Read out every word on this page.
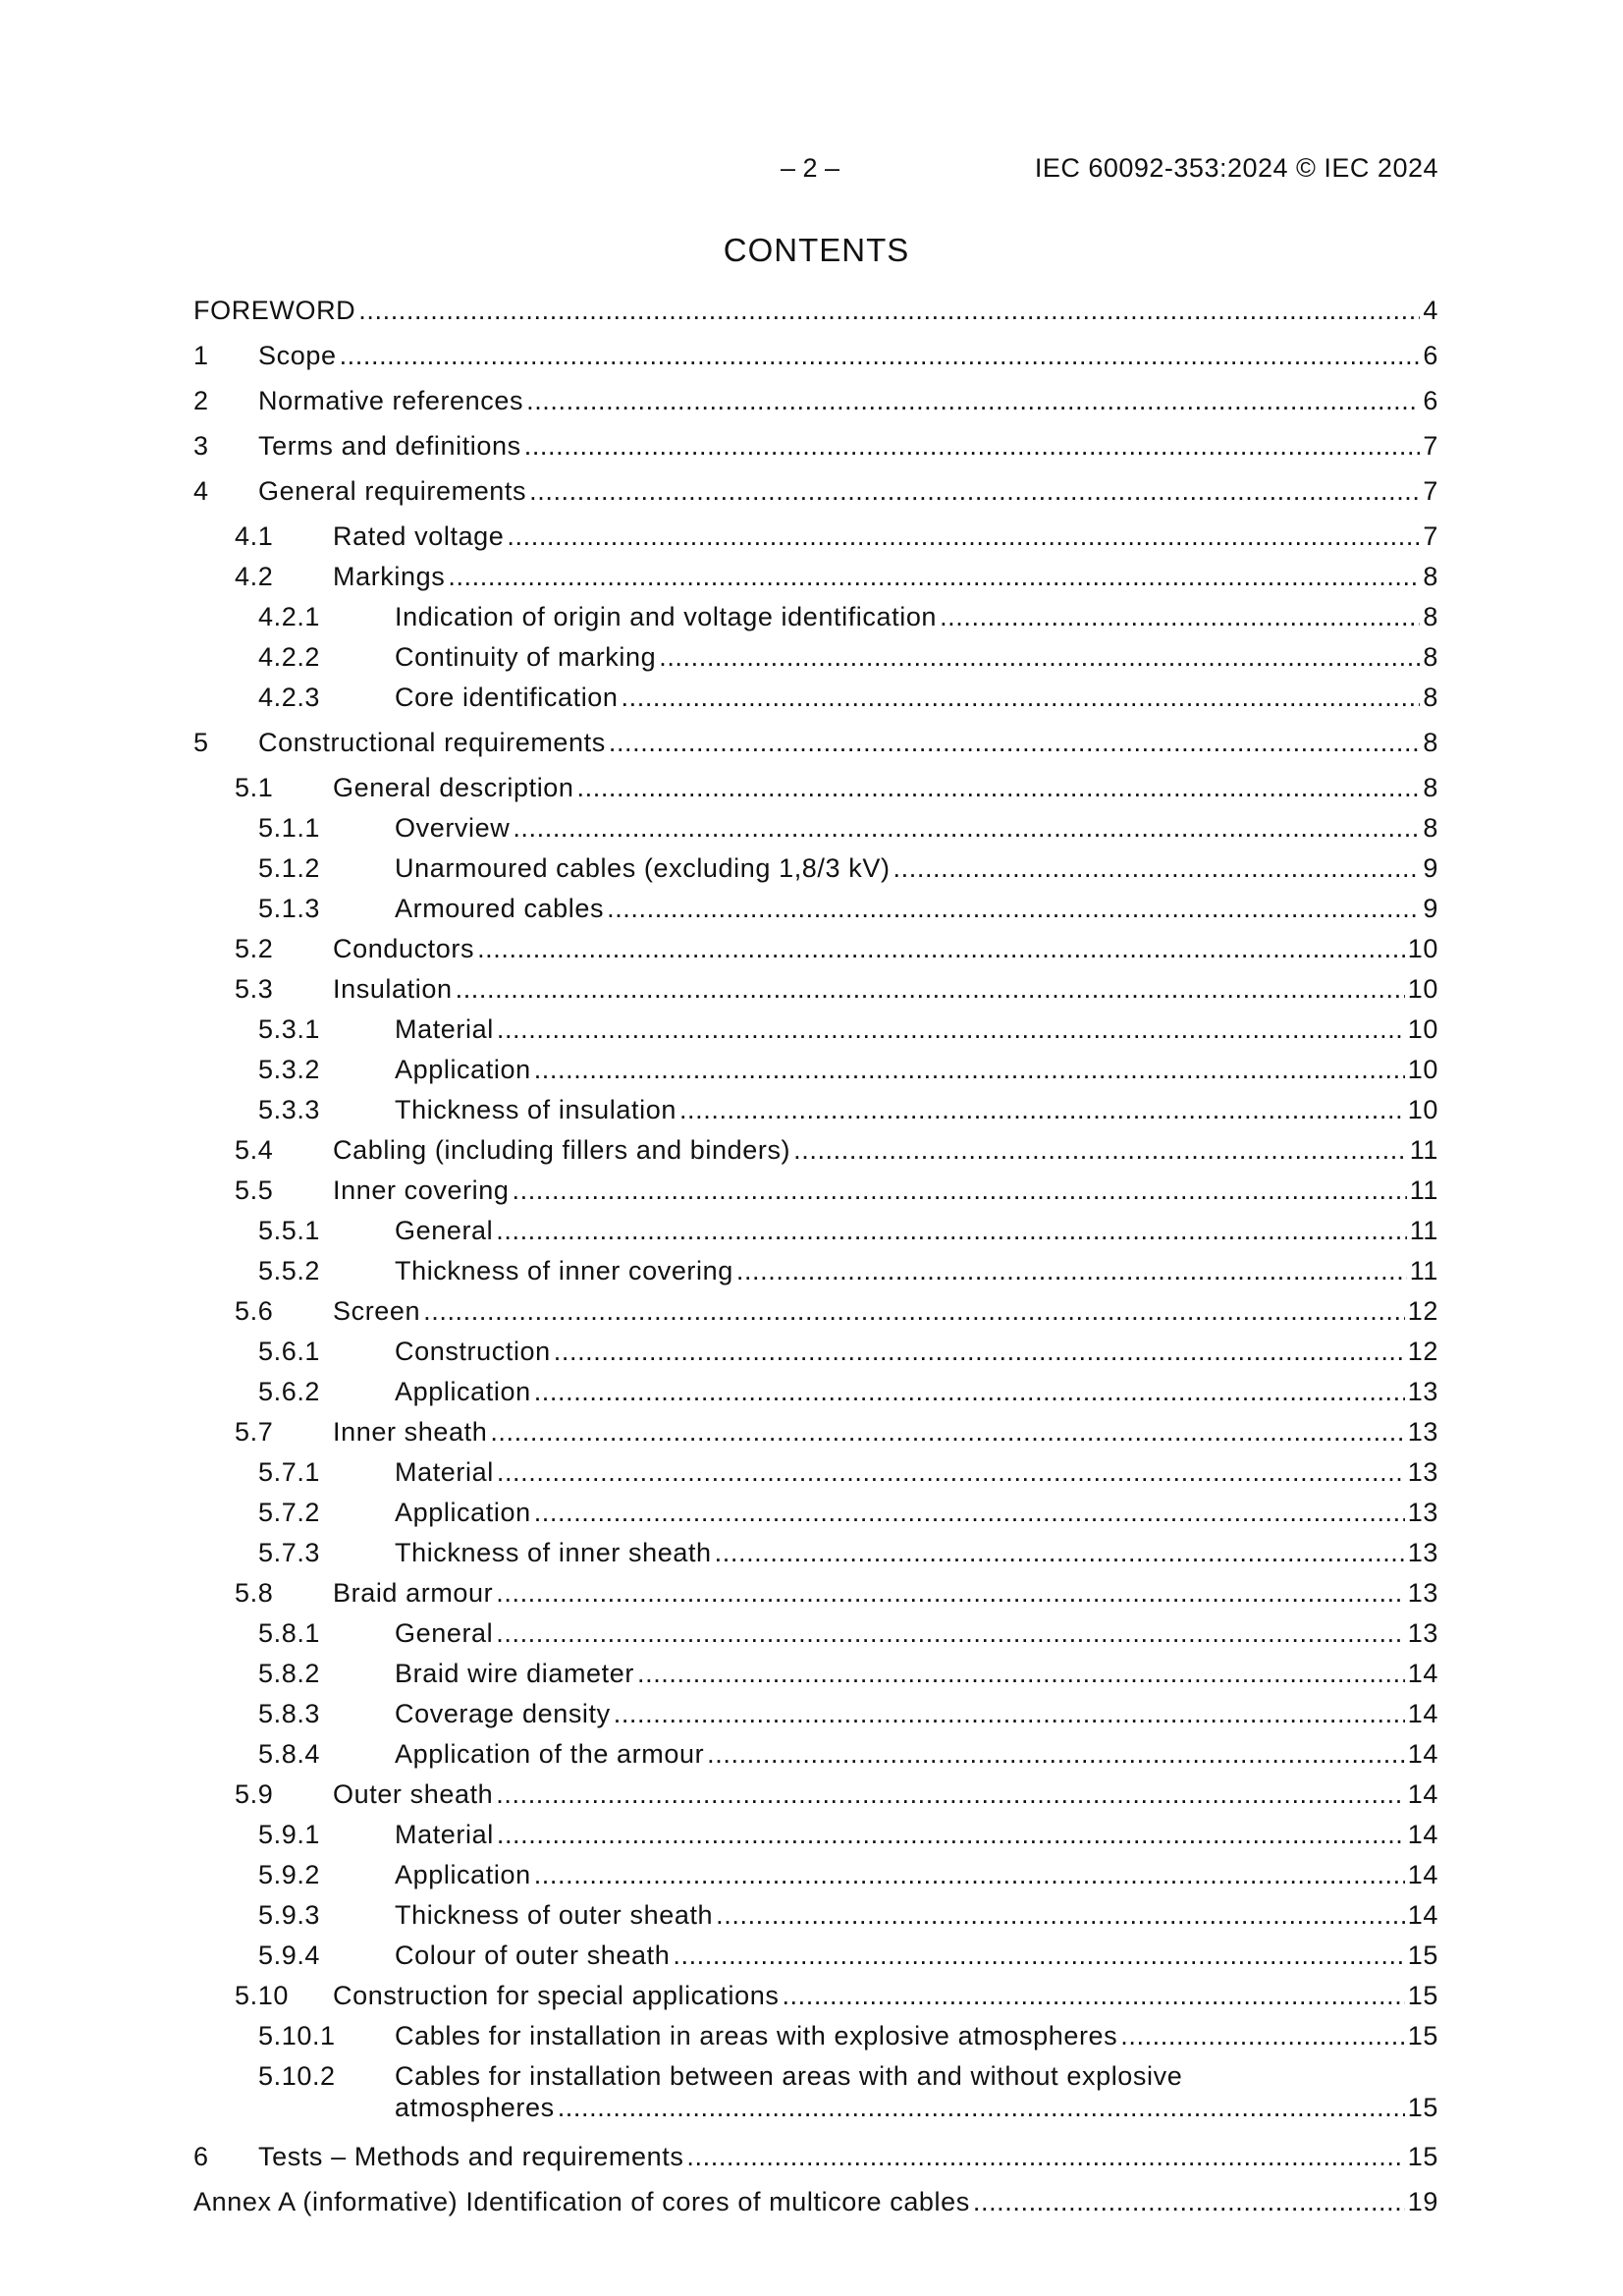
– 2 –	IEC 60092-353:2024 © IEC 2024
CONTENTS
FOREWORD .....	4
1 Scope .....	6
2 Normative references .....	6
3 Terms and definitions .....	7
4 General requirements .....	7
4.1 Rated voltage .....	7
4.2 Markings .....	8
4.2.1	Indication of origin and voltage identification .....	8
4.2.2	Continuity of marking .....	8
4.2.3	Core identification .....	8
5 Constructional requirements .....	8
5.1 General description .....	8
5.1.1	Overview .....	8
5.1.2	Unarmoured cables (excluding 1,8/3 kV) .....	9
5.1.3	Armoured cables .....	9
5.2 Conductors .....	10
5.3 Insulation .....	10
5.3.1	Material .....	10
5.3.2	Application .....	10
5.3.3	Thickness of insulation .....	10
5.4 Cabling (including fillers and binders) .....	11
5.5 Inner covering .....	11
5.5.1	General .....	11
5.5.2	Thickness of inner covering .....	11
5.6 Screen .....	12
5.6.1	Construction .....	12
5.6.2	Application .....	13
5.7 Inner sheath .....	13
5.7.1	Material .....	13
5.7.2	Application .....	13
5.7.3	Thickness of inner sheath .....	13
5.8 Braid armour .....	13
5.8.1	General .....	13
5.8.2	Braid wire diameter .....	14
5.8.3	Coverage density .....	14
5.8.4	Application of the armour .....	14
5.9 Outer sheath .....	14
5.9.1	Material .....	14
5.9.2	Application .....	14
5.9.3	Thickness of outer sheath .....	14
5.9.4	Colour of outer sheath .....	15
5.10 Construction for special applications .....	15
5.10.1 Cables for installation in areas with explosive atmospheres .....	15
5.10.2 Cables for installation between areas with and without explosive
atmospheres .....	15
6 Tests – Methods and requirements .....	15
Annex A (informative) Identification of cores of multicore cables .....	19
